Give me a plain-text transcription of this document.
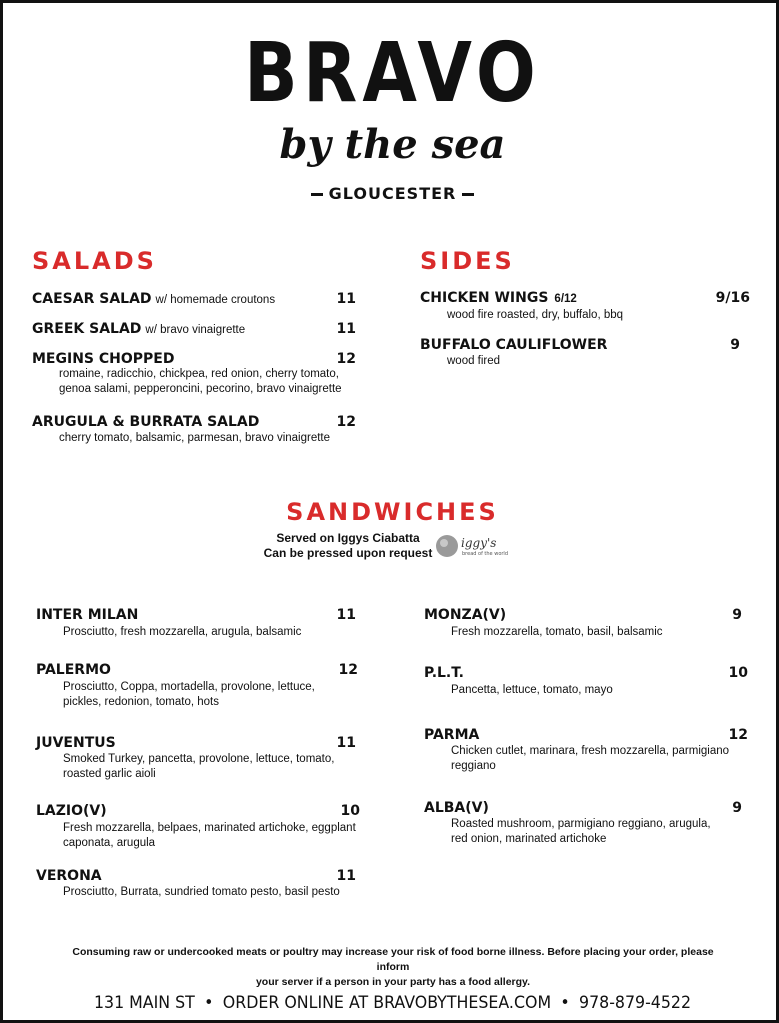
BRAVO
by the sea
GLOUCESTER
SALADS
CAESAR SALAD w/ homemade croutons	11
GREEK SALAD w/ bravo vinaigrette	11
MEGINS CHOPPED	12
romaine, radicchio, chickpea, red onion, cherry tomato,
genoa salami, pepperoncini, pecorino, bravo vinaigrette
ARUGULA & BURRATA SALAD	12
cherry tomato, balsamic, parmesan, bravo vinaigrette
SIDES
CHICKEN WINGS 6/12	9/16
wood fire roasted, dry, buffalo, bbq
BUFFALO CAULIFLOWER	9
wood fired
SANDWICHES
Served on Iggys Ciabatta
Can be pressed upon request
iggy's
bread of the world
INTER MILAN	11
Prosciutto, fresh mozzarella, arugula, balsamic
PALERMO	12
Prosciutto, Coppa, mortadella, provolone, lettuce,
pickles, redonion, tomato, hots
JUVENTUS	11
Smoked Turkey, pancetta, provolone, lettuce, tomato,
roasted garlic aioli
LAZIO(V)	10
Fresh mozzarella, belpaes, marinated artichoke, eggplant
caponata, arugula
VERONA	11
Prosciutto, Burrata, sundried tomato pesto, basil pesto
MONZA(V)	9
Fresh mozzarella, tomato, basil, balsamic
P.L.T.	10
Pancetta, lettuce, tomato, mayo
PARMA	12
Chicken cutlet, marinara, fresh mozzarella, parmigiano
reggiano
ALBA(V)	9
Roasted mushroom, parmigiano reggiano, arugula,
red onion, marinated artichoke
Consuming raw or undercooked meats or poultry may increase your risk of food borne illness. Before placing your order, please inform
your server if a person in your party has a food allergy.
131 MAIN ST • ORDER ONLINE AT BRAVOBYTHESEA.COM • 978-879-4522
